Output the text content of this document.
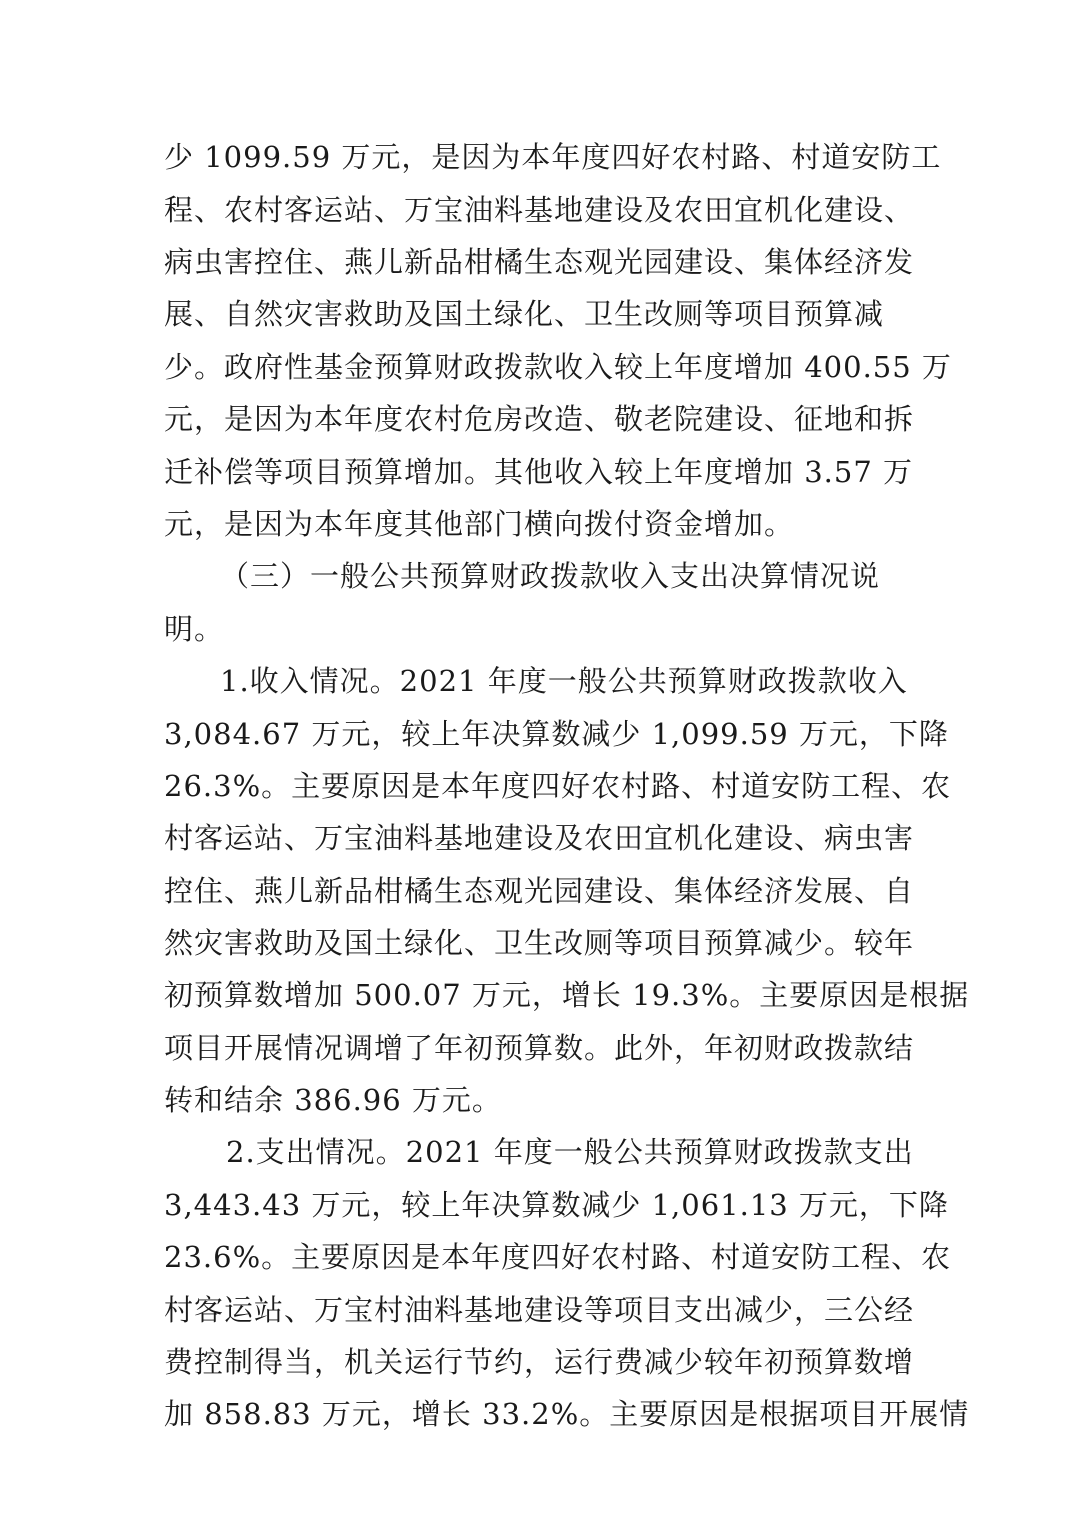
少 1099.59 万元，是因为本年度四好农村路、村道安防工
程、农村客运站、万宝油料基地建设及农田宜机化建设、
病虫害控住、燕儿新品柑橘生态观光园建设、集体经济发
展、自然灾害救助及国土绿化、卫生改厕等项目预算减
少。政府性基金预算财政拨款收入较上年度增加 400.55 万
元，是因为本年度农村危房改造、敬老院建设、征地和拆
迁补偿等项目预算增加。其他收入较上年度增加 3.57 万
元，是因为本年度其他部门横向拨付资金增加。
（三）一般公共预算财政拨款收入支出决算情况说
明。
1.收入情况。2021 年度一般公共预算财政拨款收入
3,084.67 万元，较上年决算数减少 1,099.59 万元，下降
26.3%。主要原因是本年度四好农村路、村道安防工程、农
村客运站、万宝油料基地建设及农田宜机化建设、病虫害
控住、燕儿新品柑橘生态观光园建设、集体经济发展、自
然灾害救助及国土绿化、卫生改厕等项目预算减少。较年
初预算数增加 500.07 万元，增长 19.3%。主要原因是根据
项目开展情况调增了年初预算数。此外，年初财政拨款结
转和结余 386.96 万元。
2.支出情况。2021 年度一般公共预算财政拨款支出
3,443.43 万元，较上年决算数减少 1,061.13 万元，下降
23.6%。主要原因是本年度四好农村路、村道安防工程、农
村客运站、万宝村油料基地建设等项目支出减少，三公经
费控制得当，机关运行节约，运行费减少较年初预算数增
加 858.83 万元，增长 33.2%。主要原因是根据项目开展情
